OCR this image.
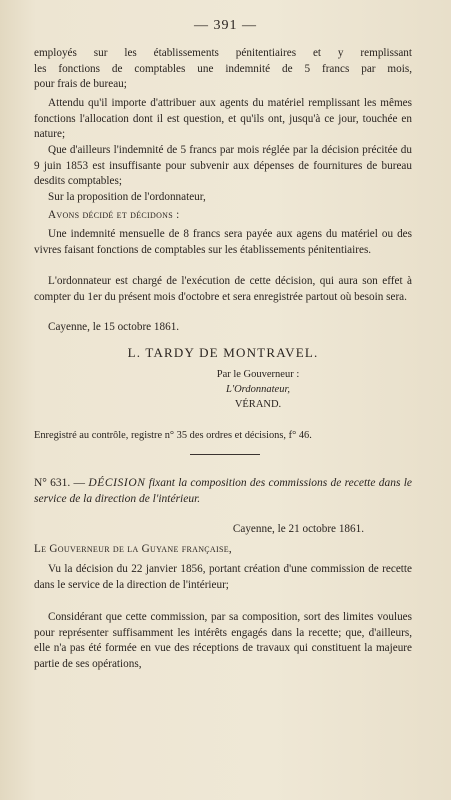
— 391 —

employés sur les établissements pénitentiaires et y remplissant

les fonctions de comptables une indemnité de 5 francs par mois,

pour frais de bureau;

Attendu qu'il importe d'attribuer aux agents du matériel remplissant les mêmes fonctions l'allocation dont il est question, et qu'ils ont, jusqu'à ce jour, touchée en nature;
Que d'ailleurs l'indemnité de 5 francs par mois réglée par la décision précitée du 9 juin 1853 est insuffisante pour subvenir aux dépenses de fournitures de bureau desdits comptables;
Sur la proposition de l'ordonnateur,
Avons décidé et décidons :
Une indemnité mensuelle de 8 francs sera payée aux agens du matériel ou des vivres faisant fonctions de comptables sur les établissements pénitentiaires.
L'ordonnateur est chargé de l'exécution de cette décision, qui aura son effet à compter du 1er du présent mois d'octobre et sera enregistrée partout où besoin sera.
Cayenne, le 15 octobre 1861.
L. TARDY DE MONTRAVEL.
Par le Gouverneur :
L'Ordonnateur,
VÉRAND.
Enregistré au contrôle, registre n° 35 des ordres et décisions, f° 46.
N° 631. — DÉCISION fixant la composition des commissions de recette dans le service de la direction de l'intérieur.
Cayenne, le 21 octobre 1861.
Le Gouverneur de la Guyane française,
Vu la décision du 22 janvier 1856, portant création d'une commission de recette dans le service de la direction de l'intérieur;
Considérant que cette commission, par sa composition, sort des limites voulues pour représenter suffisamment les intérêts engagés dans la recette; que, d'ailleurs, elle n'a pas été formée en vue des réceptions de travaux qui constituent la majeure partie de ses opérations,
